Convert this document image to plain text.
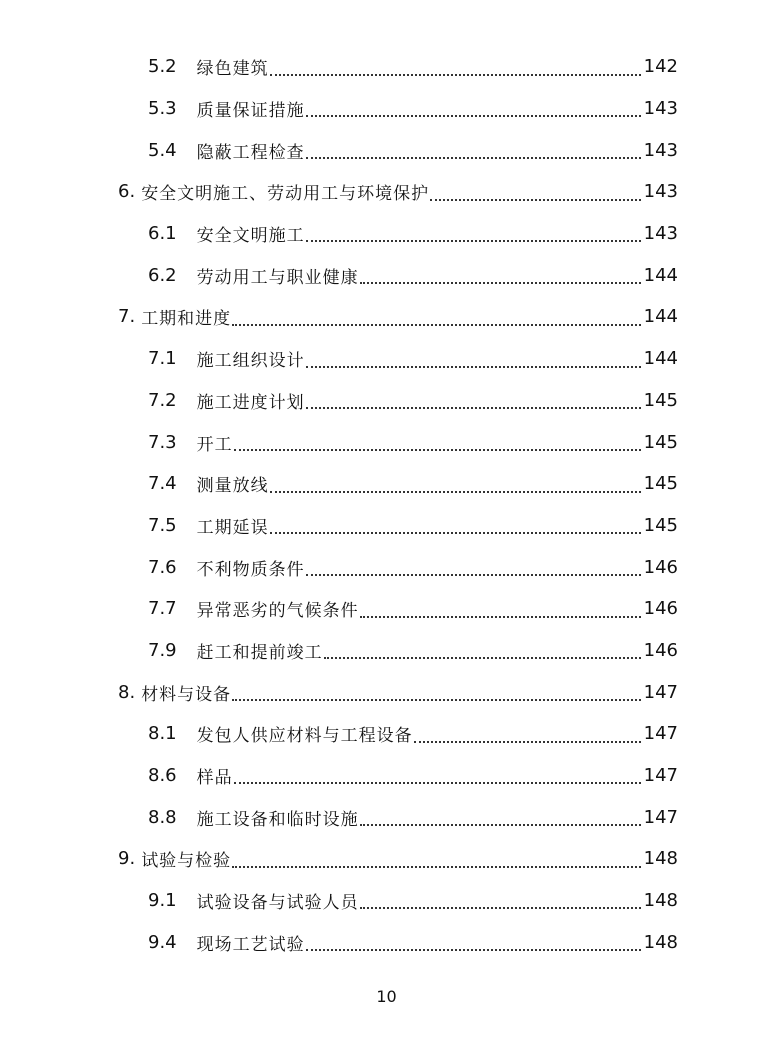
5.2 绿色建筑	142
5.3 质量保证措施	143
5.4 隐蔽工程检查	143
6. 安全文明施工、劳动用工与环境保护	143
6.1 安全文明施工	143
6.2 劳动用工与职业健康	144
7. 工期和进度	144
7.1 施工组织设计	144
7.2 施工进度计划	145
7.3 开工	145
7.4 测量放线	145
7.5 工期延误	145
7.6 不利物质条件	146
7.7 异常恶劣的气候条件	146
7.9 赶工和提前竣工	146
8. 材料与设备	147
8.1 发包人供应材料与工程设备	147
8.6 样品	147
8.8 施工设备和临时设施	147
9. 试验与检验	148
9.1 试验设备与试验人员	148
9.4 现场工艺试验	148
10
